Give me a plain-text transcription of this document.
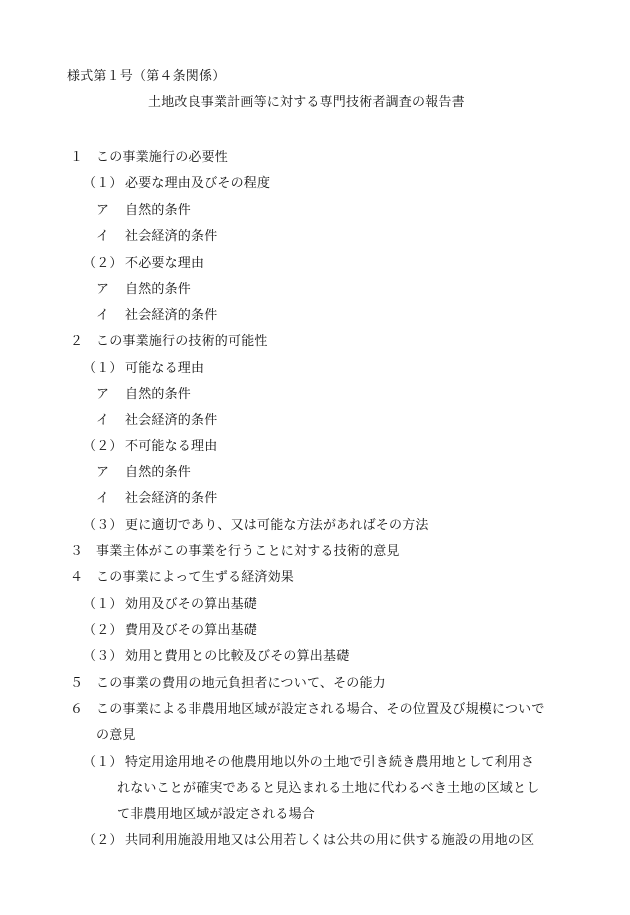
様式第１号（第４条関係）
土地改良事業計画等に対する専門技術者調査の報告書
１ この事業施行の必要性
（１） 必要な理由及びその程度
ア 自然的条件
イ 社会経済的条件
（２） 不必要な理由
ア 自然的条件
イ 社会経済的条件
２ この事業施行の技術的可能性
（１） 可能なる理由
ア 自然的条件
イ 社会経済的条件
（２） 不可能なる理由
ア 自然的条件
イ 社会経済的条件
（３） 更に適切であり、又は可能な方法があればその方法
３ 事業主体がこの事業を行うことに対する技術的意見
４ この事業によって生ずる経済効果
（１） 効用及びその算出基礎
（２） 費用及びその算出基礎
（３） 効用と費用との比較及びその算出基礎
５ この事業の費用の地元負担者について、その能力
６ この事業による非農用地区域が設定される場合、その位置及び規模についで
の意見
（１） 特定用途用地その他農用地以外の土地で引き続き農用地として利用さ
れないことが確実であると見込まれる土地に代わるべき土地の区域とし
て非農用地区域が設定される場合
（２） 共同利用施設用地又は公用若しくは公共の用に供する施設の用地の区
